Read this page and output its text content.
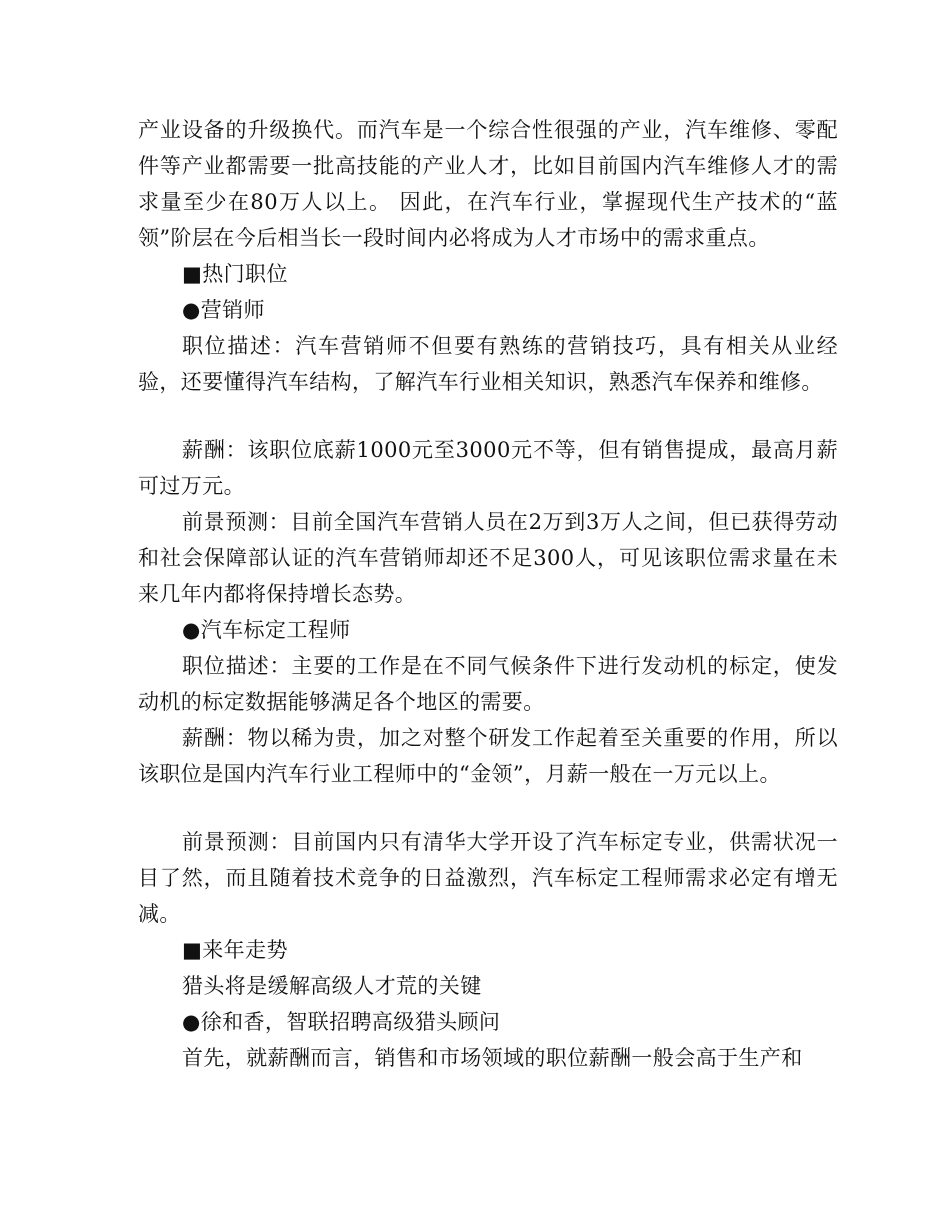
产业设备的升级换代。而汽车是一个综合性很强的产业，汽车维修、零配件等产业都需要一批高技能的产业人才，比如目前国内汽车维修人才的需求量至少在80万人以上。 因此，在汽车行业，掌握现代生产技术的“蓝领”阶层在今后相当长一段时间内必将成为人才市场中的需求重点。

■热门职位

●营销师

职位描述：汽车营销师不但要有熟练的营销技巧，具有相关从业经验，还要懂得汽车结构，了解汽车行业相关知识，熟悉汽车保养和维修。

薪酬：该职位底薪1000元至3000元不等，但有销售提成，最高月薪可过万元。

前景预测：目前全国汽车营销人员在2万到3万人之间，但已获得劳动和社会保障部认证的汽车营销师却还不足300人，可见该职位需求量在未来几年内都将保持增长态势。

●汽车标定工程师

职位描述：主要的工作是在不同气候条件下进行发动机的标定，使发动机的标定数据能够满足各个地区的需要。

薪酬：物以稀为贵，加之对整个研发工作起着至关重要的作用，所以该职位是国内汽车行业工程师中的“金领”，月薪一般在一万元以上。

前景预测：目前国内只有清华大学开设了汽车标定专业，供需状况一目了然，而且随着技术竞争的日益激烈，汽车标定工程师需求必定有增无减。

■来年走势

猎头将是缓解高级人才荒的关键

●徐和香，智联招聘高级猎头顾问

首先，就薪酬而言，销售和市场领域的职位薪酬一般会高于生产和
